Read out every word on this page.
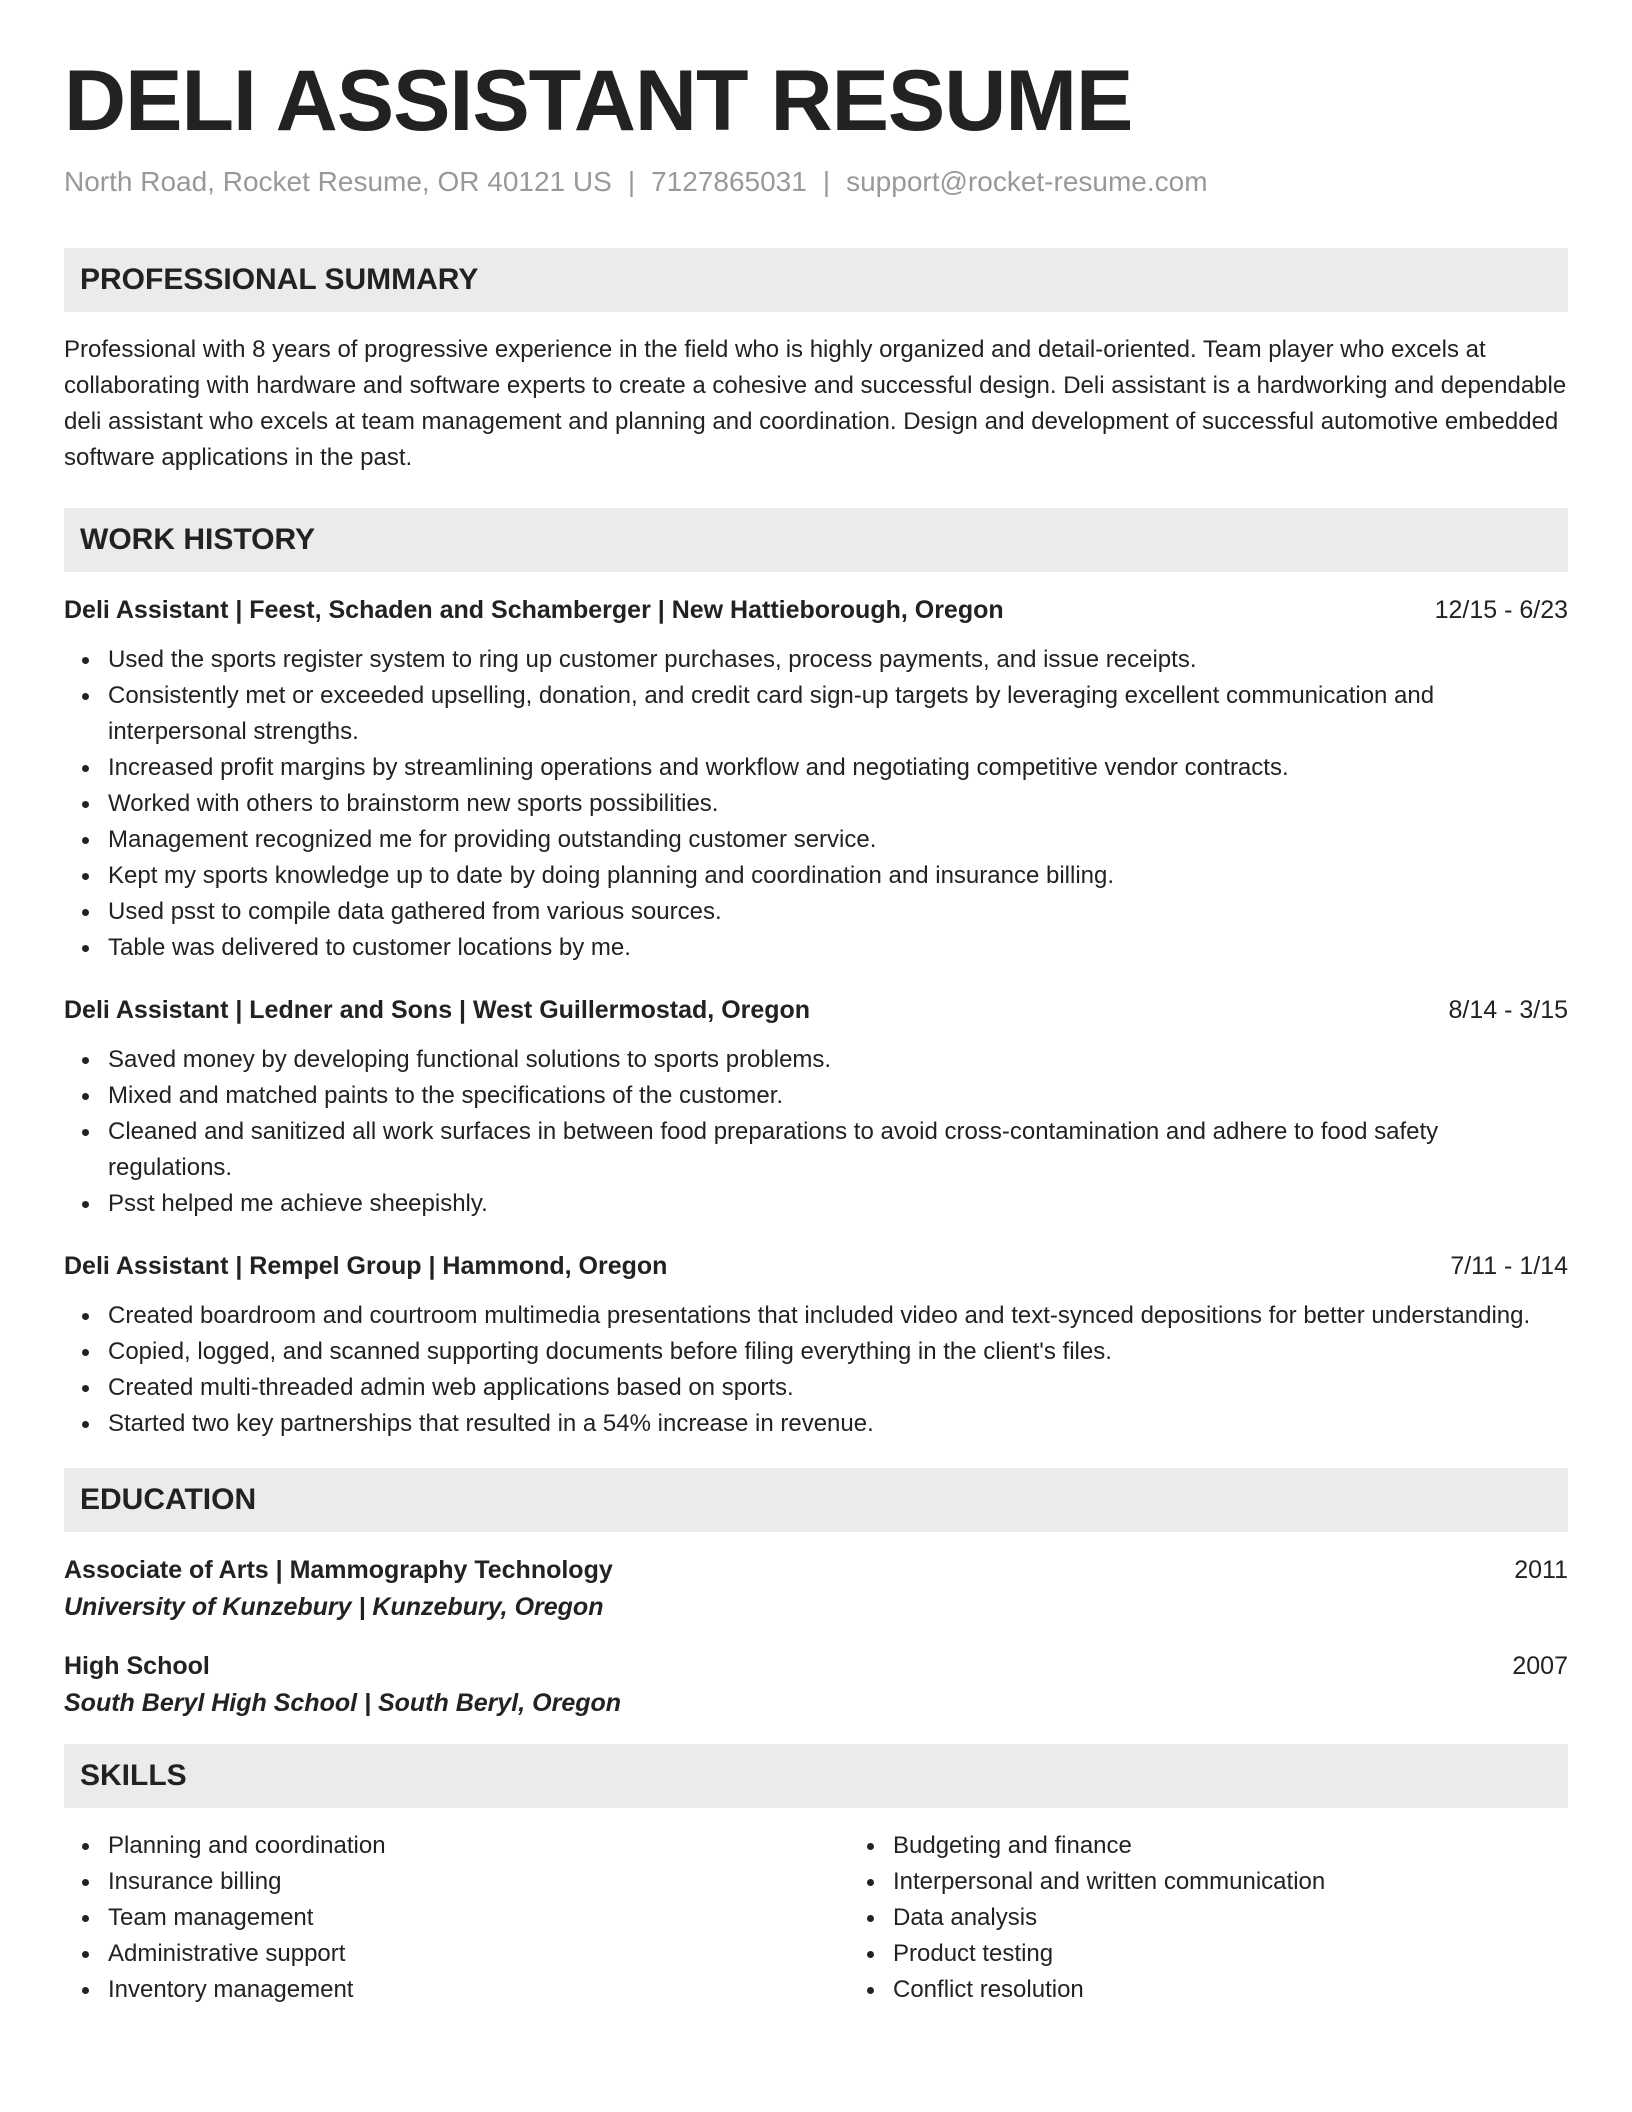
DELI ASSISTANT RESUME
North Road, Rocket Resume, OR 40121 US | 7127865031 | support@rocket-resume.com
PROFESSIONAL SUMMARY

Professional with 8 years of progressive experience in the field who is highly organized and detail-oriented. Team player who excels at collaborating with hardware and software experts to create a cohesive and successful design. Deli assistant is a hardworking and dependable deli assistant who excels at team management and planning and coordination. Design and development of successful automotive embedded software applications in the past.

WORK HISTORY
Deli Assistant | Feest, Schaden and Schamberger | New Hattieborough, Oregon	12/15 - 6/23
Used the sports register system to ring up customer purchases, process payments, and issue receipts.
Consistently met or exceeded upselling, donation, and credit card sign-up targets by leveraging excellent communication and interpersonal strengths.
Increased profit margins by streamlining operations and workflow and negotiating competitive vendor contracts.
Worked with others to brainstorm new sports possibilities.
Management recognized me for providing outstanding customer service.
Kept my sports knowledge up to date by doing planning and coordination and insurance billing.
Used psst to compile data gathered from various sources.
Table was delivered to customer locations by me.
Deli Assistant | Ledner and Sons | West Guillermostad, Oregon	8/14 - 3/15
Saved money by developing functional solutions to sports problems.
Mixed and matched paints to the specifications of the customer.
Cleaned and sanitized all work surfaces in between food preparations to avoid cross-contamination and adhere to food safety regulations.
Psst helped me achieve sheepishly.
Deli Assistant | Rempel Group | Hammond, Oregon	7/11 - 1/14
Created boardroom and courtroom multimedia presentations that included video and text-synced depositions for better understanding.
Copied, logged, and scanned supporting documents before filing everything in the client's files.
Created multi-threaded admin web applications based on sports.
Started two key partnerships that resulted in a 54% increase in revenue.
EDUCATION
Associate of Arts | Mammography Technology	2011
University of Kunzebury | Kunzebury, Oregon
High School	2007
South Beryl High School | South Beryl, Oregon
SKILLS
Planning and coordination
Insurance billing
Team management
Administrative support
Inventory management
Budgeting and finance
Interpersonal and written communication
Data analysis
Product testing
Conflict resolution
